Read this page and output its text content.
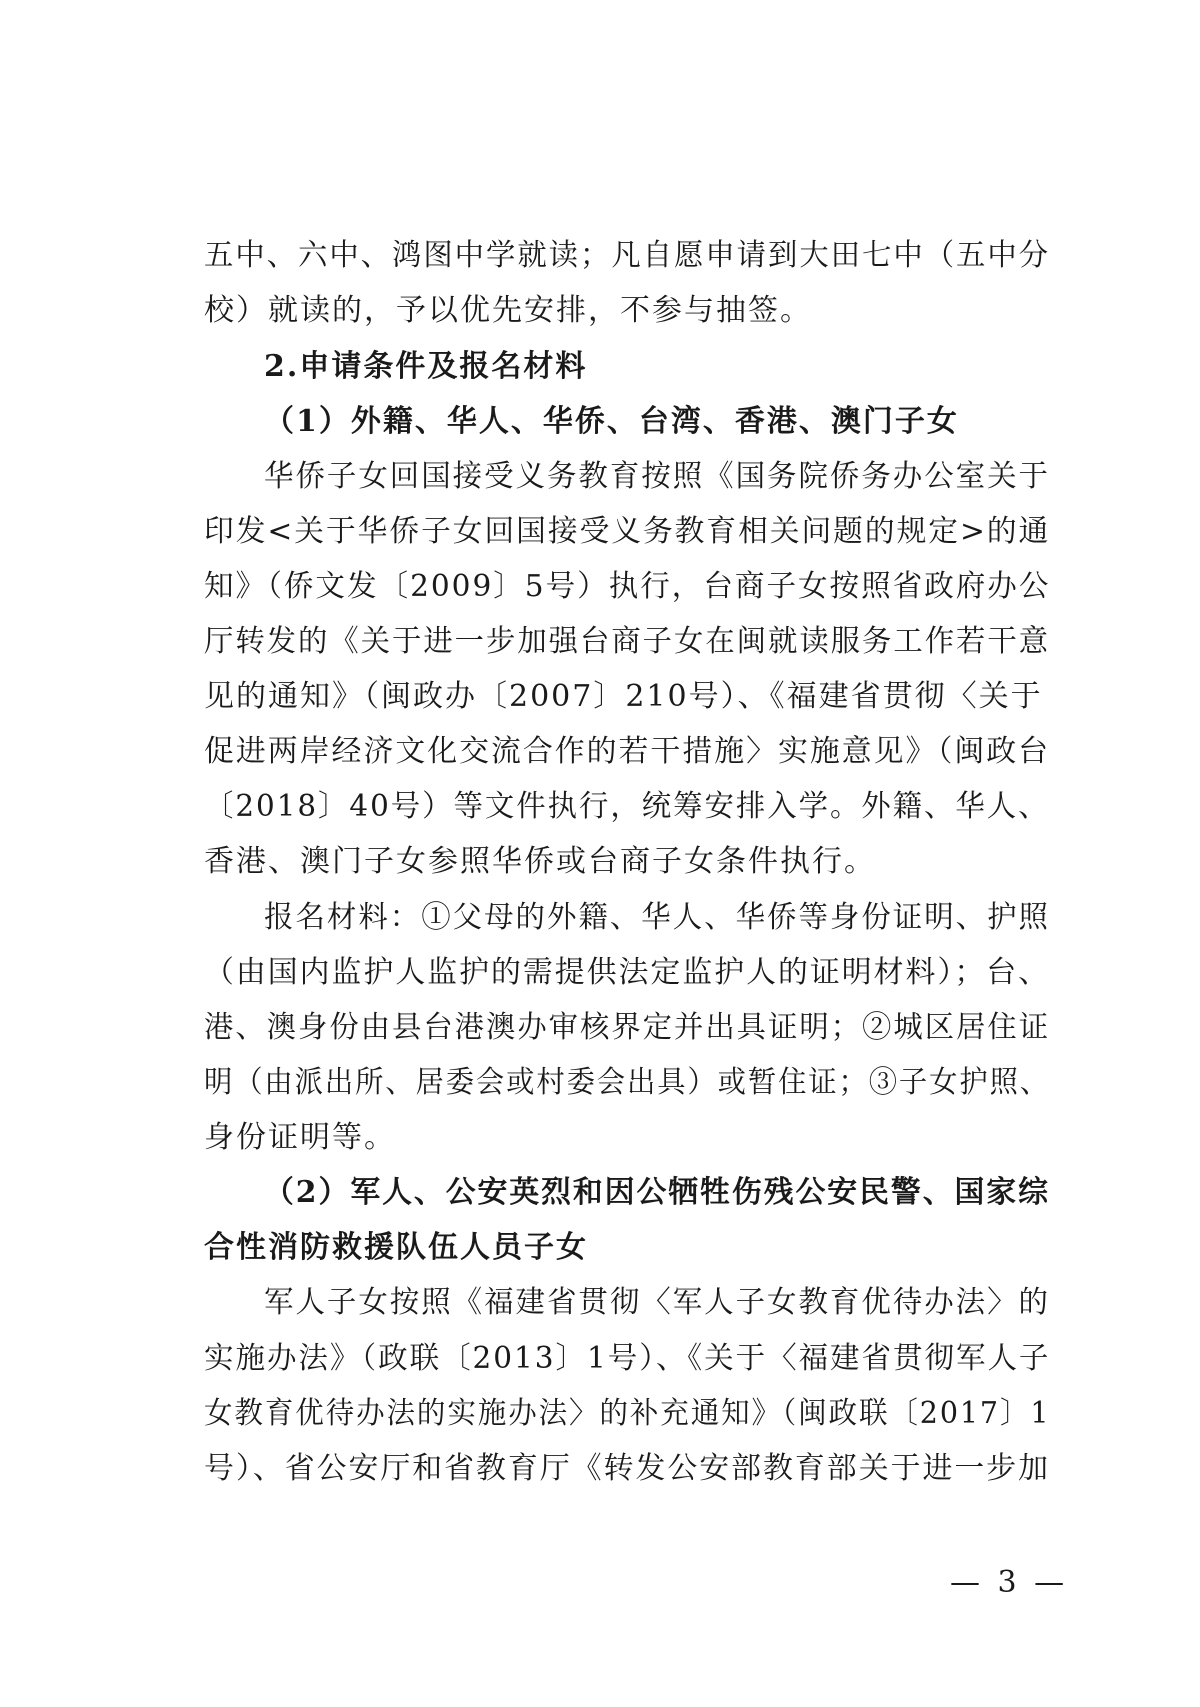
五中、六中、鸿图中学就读；凡自愿申请到大田七中（五中分
校）就读的，予以优先安排，不参与抽签。
2.申请条件及报名材料
（1）外籍、华人、华侨、台湾、香港、澳门子女
华侨子女回国接受义务教育按照《国务院侨务办公室关于
印发<关于华侨子女回国接受义务教育相关问题的规定>的通
知》（侨文发〔2009〕5号）执行，台商子女按照省政府办公
厅转发的《关于进一步加强台商子女在闽就读服务工作若干意
见的通知》（闽政办〔2007〕210号）、《福建省贯彻〈关于
促进两岸经济文化交流合作的若干措施〉实施意见》（闽政台
〔2018〕40号）等文件执行，统筹安排入学。外籍、华人、
香港、澳门子女参照华侨或台商子女条件执行。
报名材料：①父母的外籍、华人、华侨等身份证明、护照
（由国内监护人监护的需提供法定监护人的证明材料）；台、
港、澳身份由县台港澳办审核界定并出具证明；②城区居住证
明（由派出所、居委会或村委会出具）或暂住证；③子女护照、
身份证明等。
（2）军人、公安英烈和因公牺牲伤残公安民警、国家综
合性消防救援队伍人员子女
军人子女按照《福建省贯彻〈军人子女教育优待办法〉的
实施办法》（政联〔2013〕1号）、《关于〈福建省贯彻军人子
女教育优待办法的实施办法〉的补充通知》（闽政联〔2017〕1
号）、省公安厅和省教育厅《转发公安部教育部关于进一步加
— 3 —
